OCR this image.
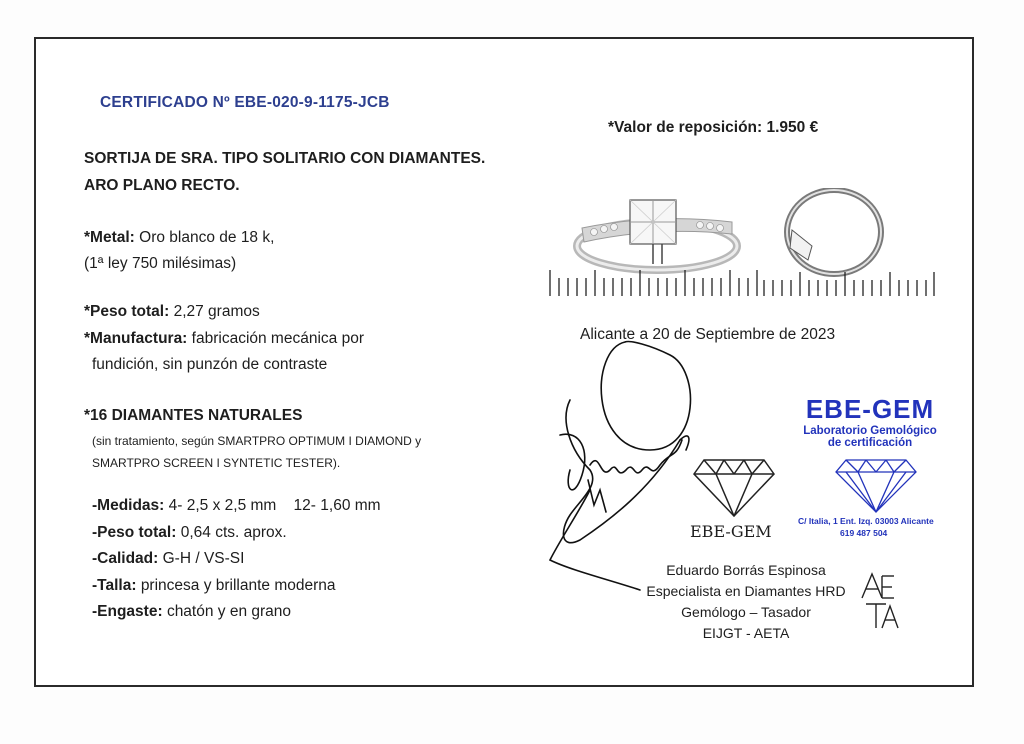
CERTIFICADO Nº EBE-020-9-1175-JCB
SORTIJA DE SRA. TIPO SOLITARIO CON DIAMANTES.
ARO PLANO RECTO.
*Metal: Oro blanco de 18 k,
(1ª ley 750 milésimas)
*Peso total: 2,27 gramos
*Manufactura: fabricación mecánica por
fundición, sin punzón de contraste
*16 DIAMANTES NATURALES
(sin tratamiento, según SMARTPRO OPTIMUM I DIAMOND y
SMARTPRO SCREEN I SYNTETIC TESTER).
-Medidas: 4- 2,5 x 2,5 mm    12- 1,60 mm
-Peso total: 0,64 cts. aprox.
-Calidad: G-H / VS-SI
-Talla: princesa y brillante moderna
-Engaste: chatón y en grano
*Valor de reposición: 1.950 €
Alicante a 20 de Septiembre de 2023
EBE-GEM
EBE-GEM
Laboratorio Gemológico
de certificación
C/ Italia, 1 Ent. Izq. 03003 Alicante
619 487 504
Eduardo Borrás Espinosa
Especialista en Diamantes HRD
Gemólogo – Tasador
EIJGT - AETA
